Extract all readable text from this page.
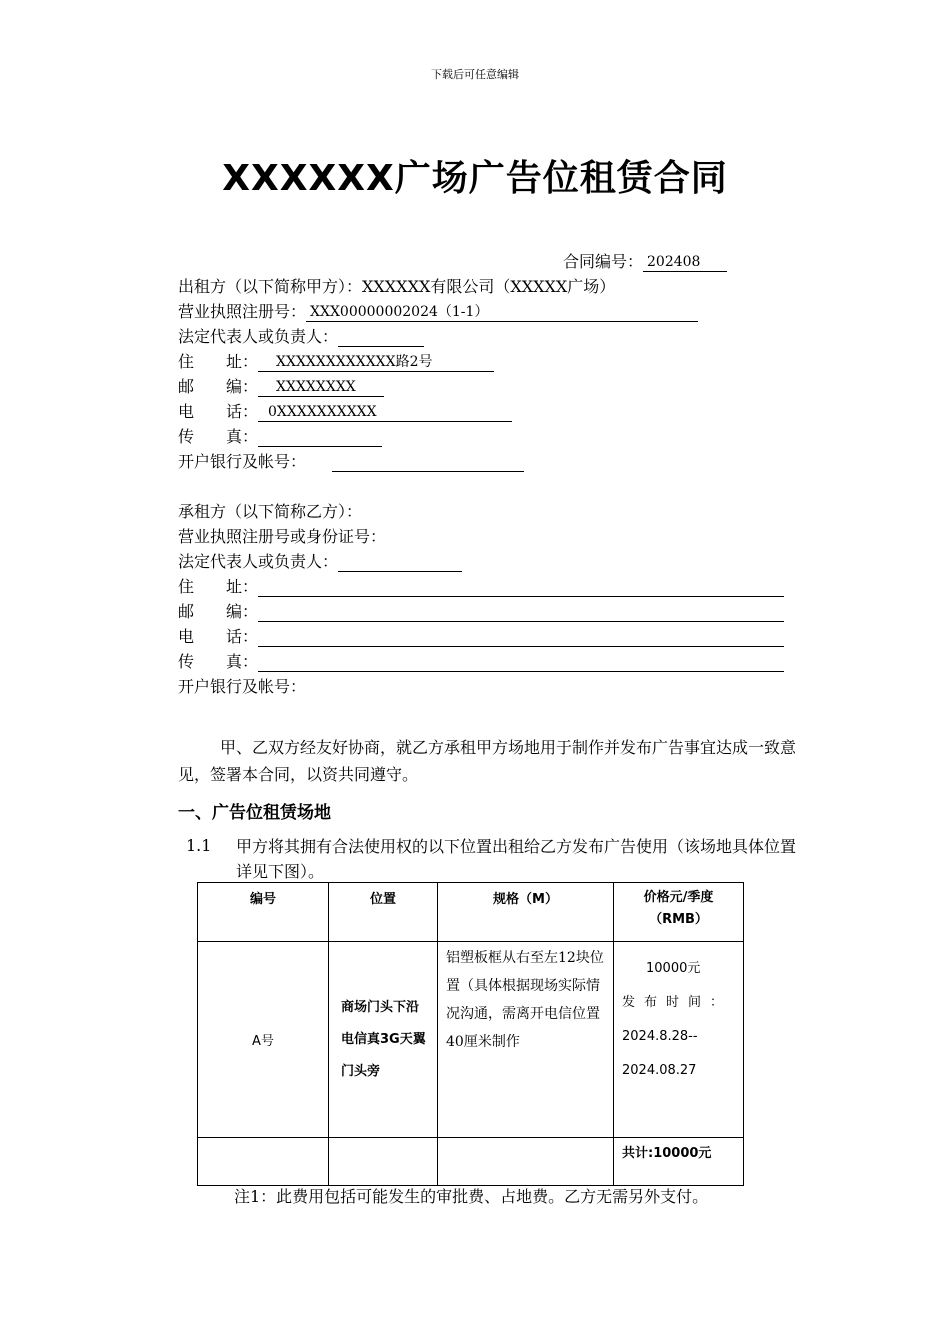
下载后可任意编辑
XXXXXX广场广告位租赁合同
合同编号： 202408
出租方（以下简称甲方）：XXXXXX有限公司（XXXXX广场）
营业执照注册号： XXX00000002024（1-1）
法定代表人或负责人：
住　　址： XXXXXXXXXXXX路2号
邮　　编： XXXXXXXX
电　　话： 0XXXXXXXXXX
传　　真：
开户银行及帐号：
承租方（以下简称乙方）：
营业执照注册号或身份证号：
法定代表人或负责人：
住　　址：
邮　　编：
电　　话：
传　　真：
开户银行及帐号：
甲、乙双方经友好协商，就乙方承租甲方场地用于制作并发布广告事宜达成一致意见，签署本合同，以资共同遵守。
一、广告位租赁场地
1.1 甲方将其拥有合法使用权的以下位置出租给乙方发布广告使用（该场地具体位置详见下图）。
编号	位置	规格（M）	价格元/季度（RMB）
A号	商场门头下沿电信真3G天翼门头旁	铝塑板框从右至左12块位置（具体根据现场实际情况沟通，需离开电信位置40厘米制作	10000元
发布时间：
2024.8.28--
2024.08.27

			共计:10000元
注1：此费用包括可能发生的审批费、占地费。乙方无需另外支付。
